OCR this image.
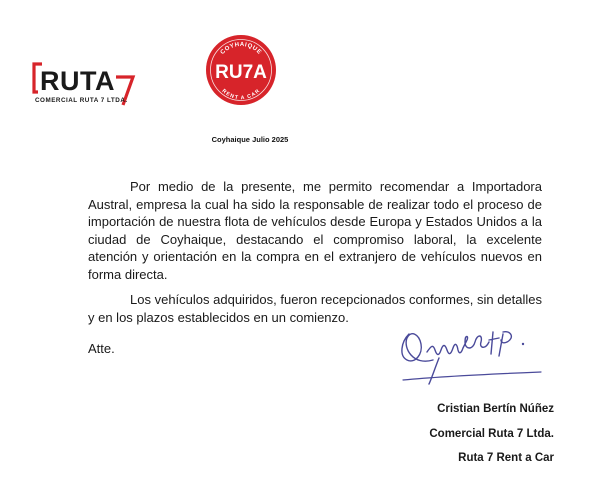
RUTA
COMERCIAL RUTA 7 LTDA.
COYHAIQUE
RU7A
RENT A CAR
Coyhaique Julio 2025

Por medio de la presente, me permito recomendar a Importadora Austral, empresa la cual ha sido la responsable de realizar todo el proceso de importación de nuestra flota de vehículos desde Europa y Estados Unidos a la ciudad de Coyhaique, destacando el compromiso laboral, la excelente atención y orientación en la compra en el extranjero de vehículos nuevos en forma directa.

Los vehículos adquiridos, fueron recepcionados conformes, sin detalles y en los plazos establecidos en un comienzo.

Atte.
Cristian Bertín Núñez
Comercial Ruta 7 Ltda.
Ruta 7 Rent a Car
